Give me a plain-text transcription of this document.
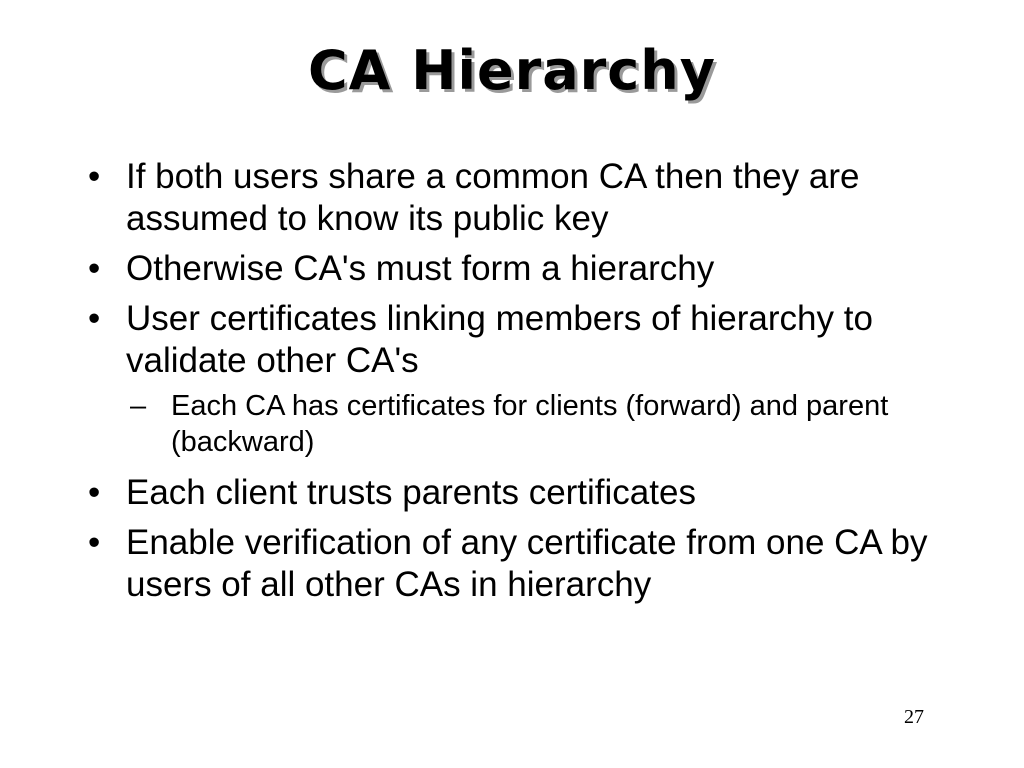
CA Hierarchy
• If both users share a common CA then they are assumed to know its public key
• Otherwise CA's must form a hierarchy
• User certificates linking members of hierarchy to validate other CA's
– Each CA has certificates for clients (forward) and parent (backward)
• Each client trusts parents certificates
• Enable verification of any certificate from one CA by users of all other CAs in hierarchy
27
